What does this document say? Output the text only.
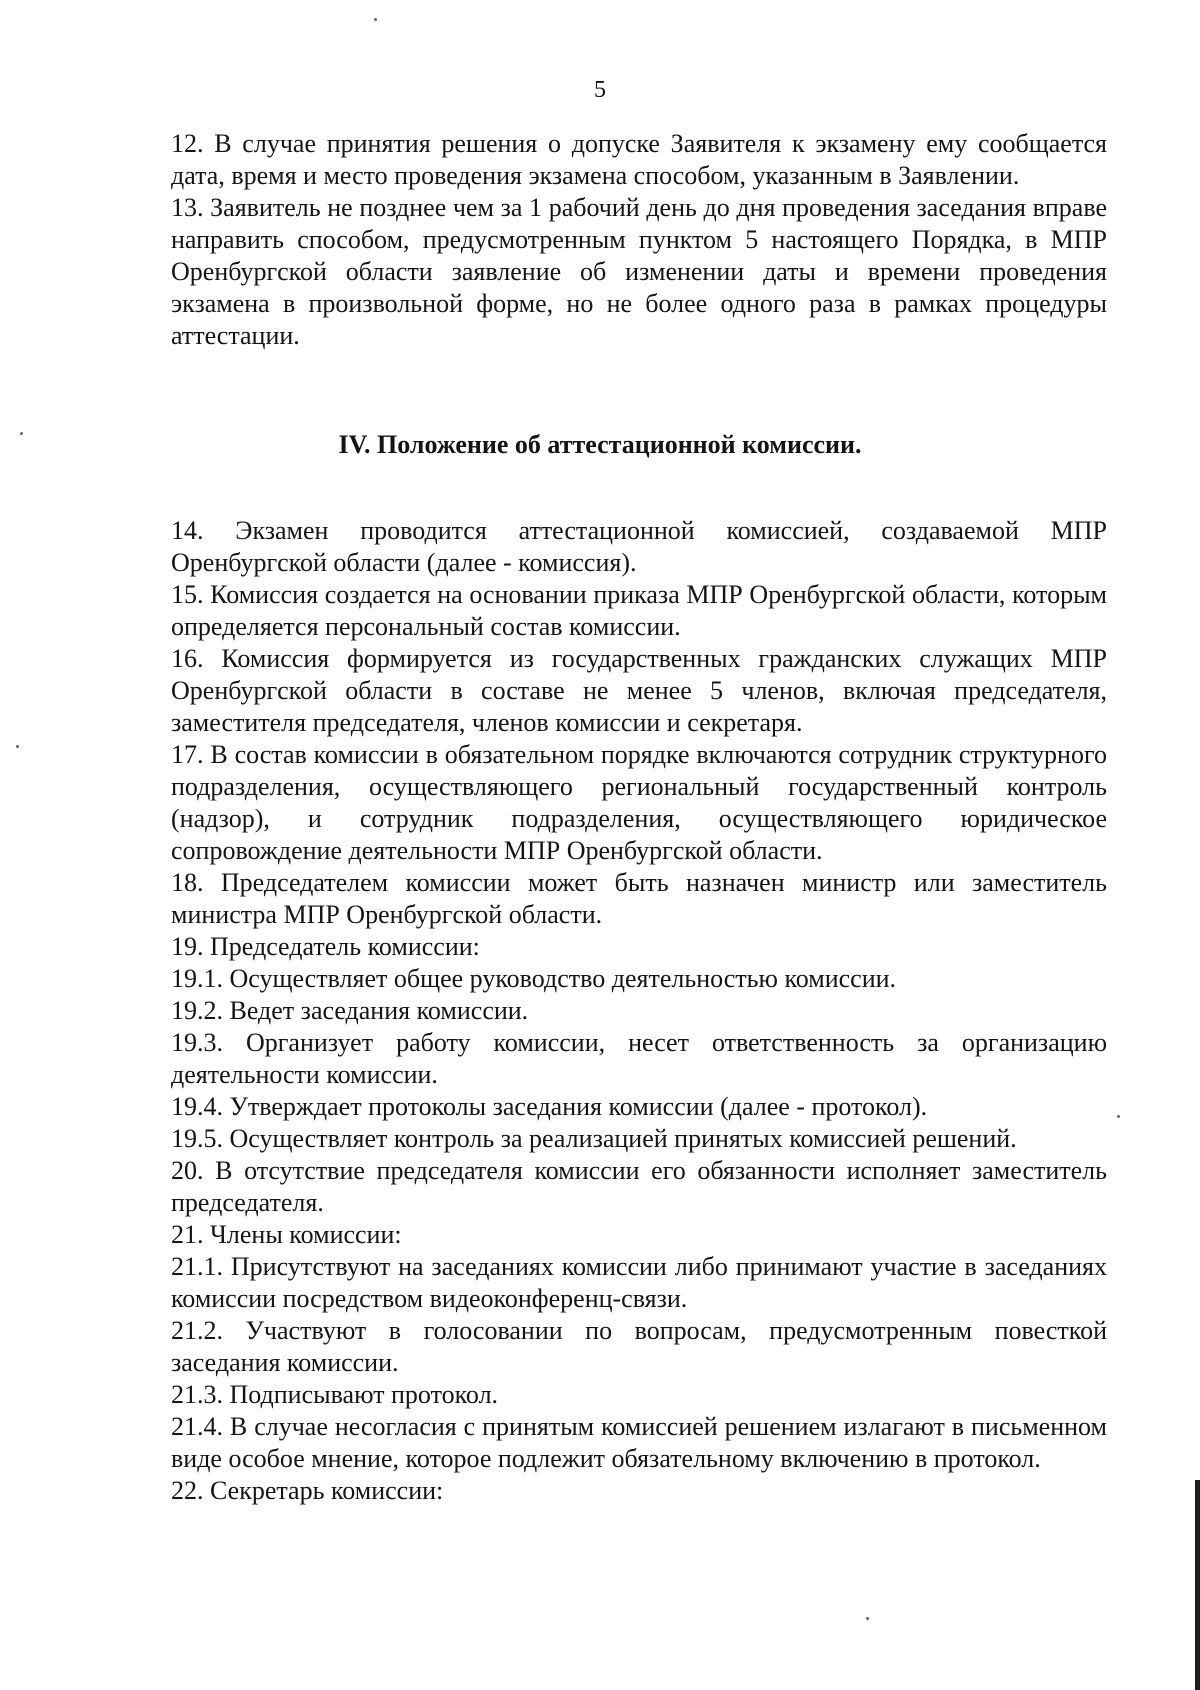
5

12. В случае принятия решения о допуске Заявителя к экзамену ему сообщается дата, время и место проведения экзамена способом, указанным в Заявлении.

13. Заявитель не позднее чем за 1 рабочий день до дня проведения заседания вправе направить способом, предусмотренным пунктом 5 настоящего Порядка, в МПР Оренбургской области заявление об изменении даты и времени проведения экзамена в произвольной форме, но не более одного раза в рамках процедуры аттестации.

IV. Положение об аттестационной комиссии.

14. Экзамен проводится аттестационной комиссией, создаваемой МПР Оренбургской области (далее - комиссия).

15. Комиссия создается на основании приказа МПР Оренбургской области, которым определяется персональный состав комиссии.

16. Комиссия формируется из государственных гражданских служащих МПР Оренбургской области в составе не менее 5 членов, включая председателя, заместителя председателя, членов комиссии и секретаря.

17. В состав комиссии в обязательном порядке включаются сотрудник структурного подразделения, осуществляющего региональный государственный контроль (надзор), и сотрудник подразделения, осуществляющего юридическое сопровождение деятельности МПР Оренбургской области.

18. Председателем комиссии может быть назначен министр или заместитель министра МПР Оренбургской области.

19. Председатель комиссии:

19.1. Осуществляет общее руководство деятельностью комиссии.

19.2. Ведет заседания комиссии.

19.3. Организует работу комиссии, несет ответственность за организацию деятельности комиссии.

19.4. Утверждает протоколы заседания комиссии (далее - протокол).

19.5. Осуществляет контроль за реализацией принятых комиссией решений.

20. В отсутствие председателя комиссии его обязанности исполняет заместитель председателя.

21. Члены комиссии:

21.1. Присутствуют на заседаниях комиссии либо принимают участие в заседаниях комиссии посредством видеоконференц-связи.

21.2. Участвуют в голосовании по вопросам, предусмотренным повесткой заседания комиссии.

21.3. Подписывают протокол.

21.4. В случае несогласия с принятым комиссией решением излагают в письменном виде особое мнение, которое подлежит обязательному включению в протокол.

22. Секретарь комиссии:
